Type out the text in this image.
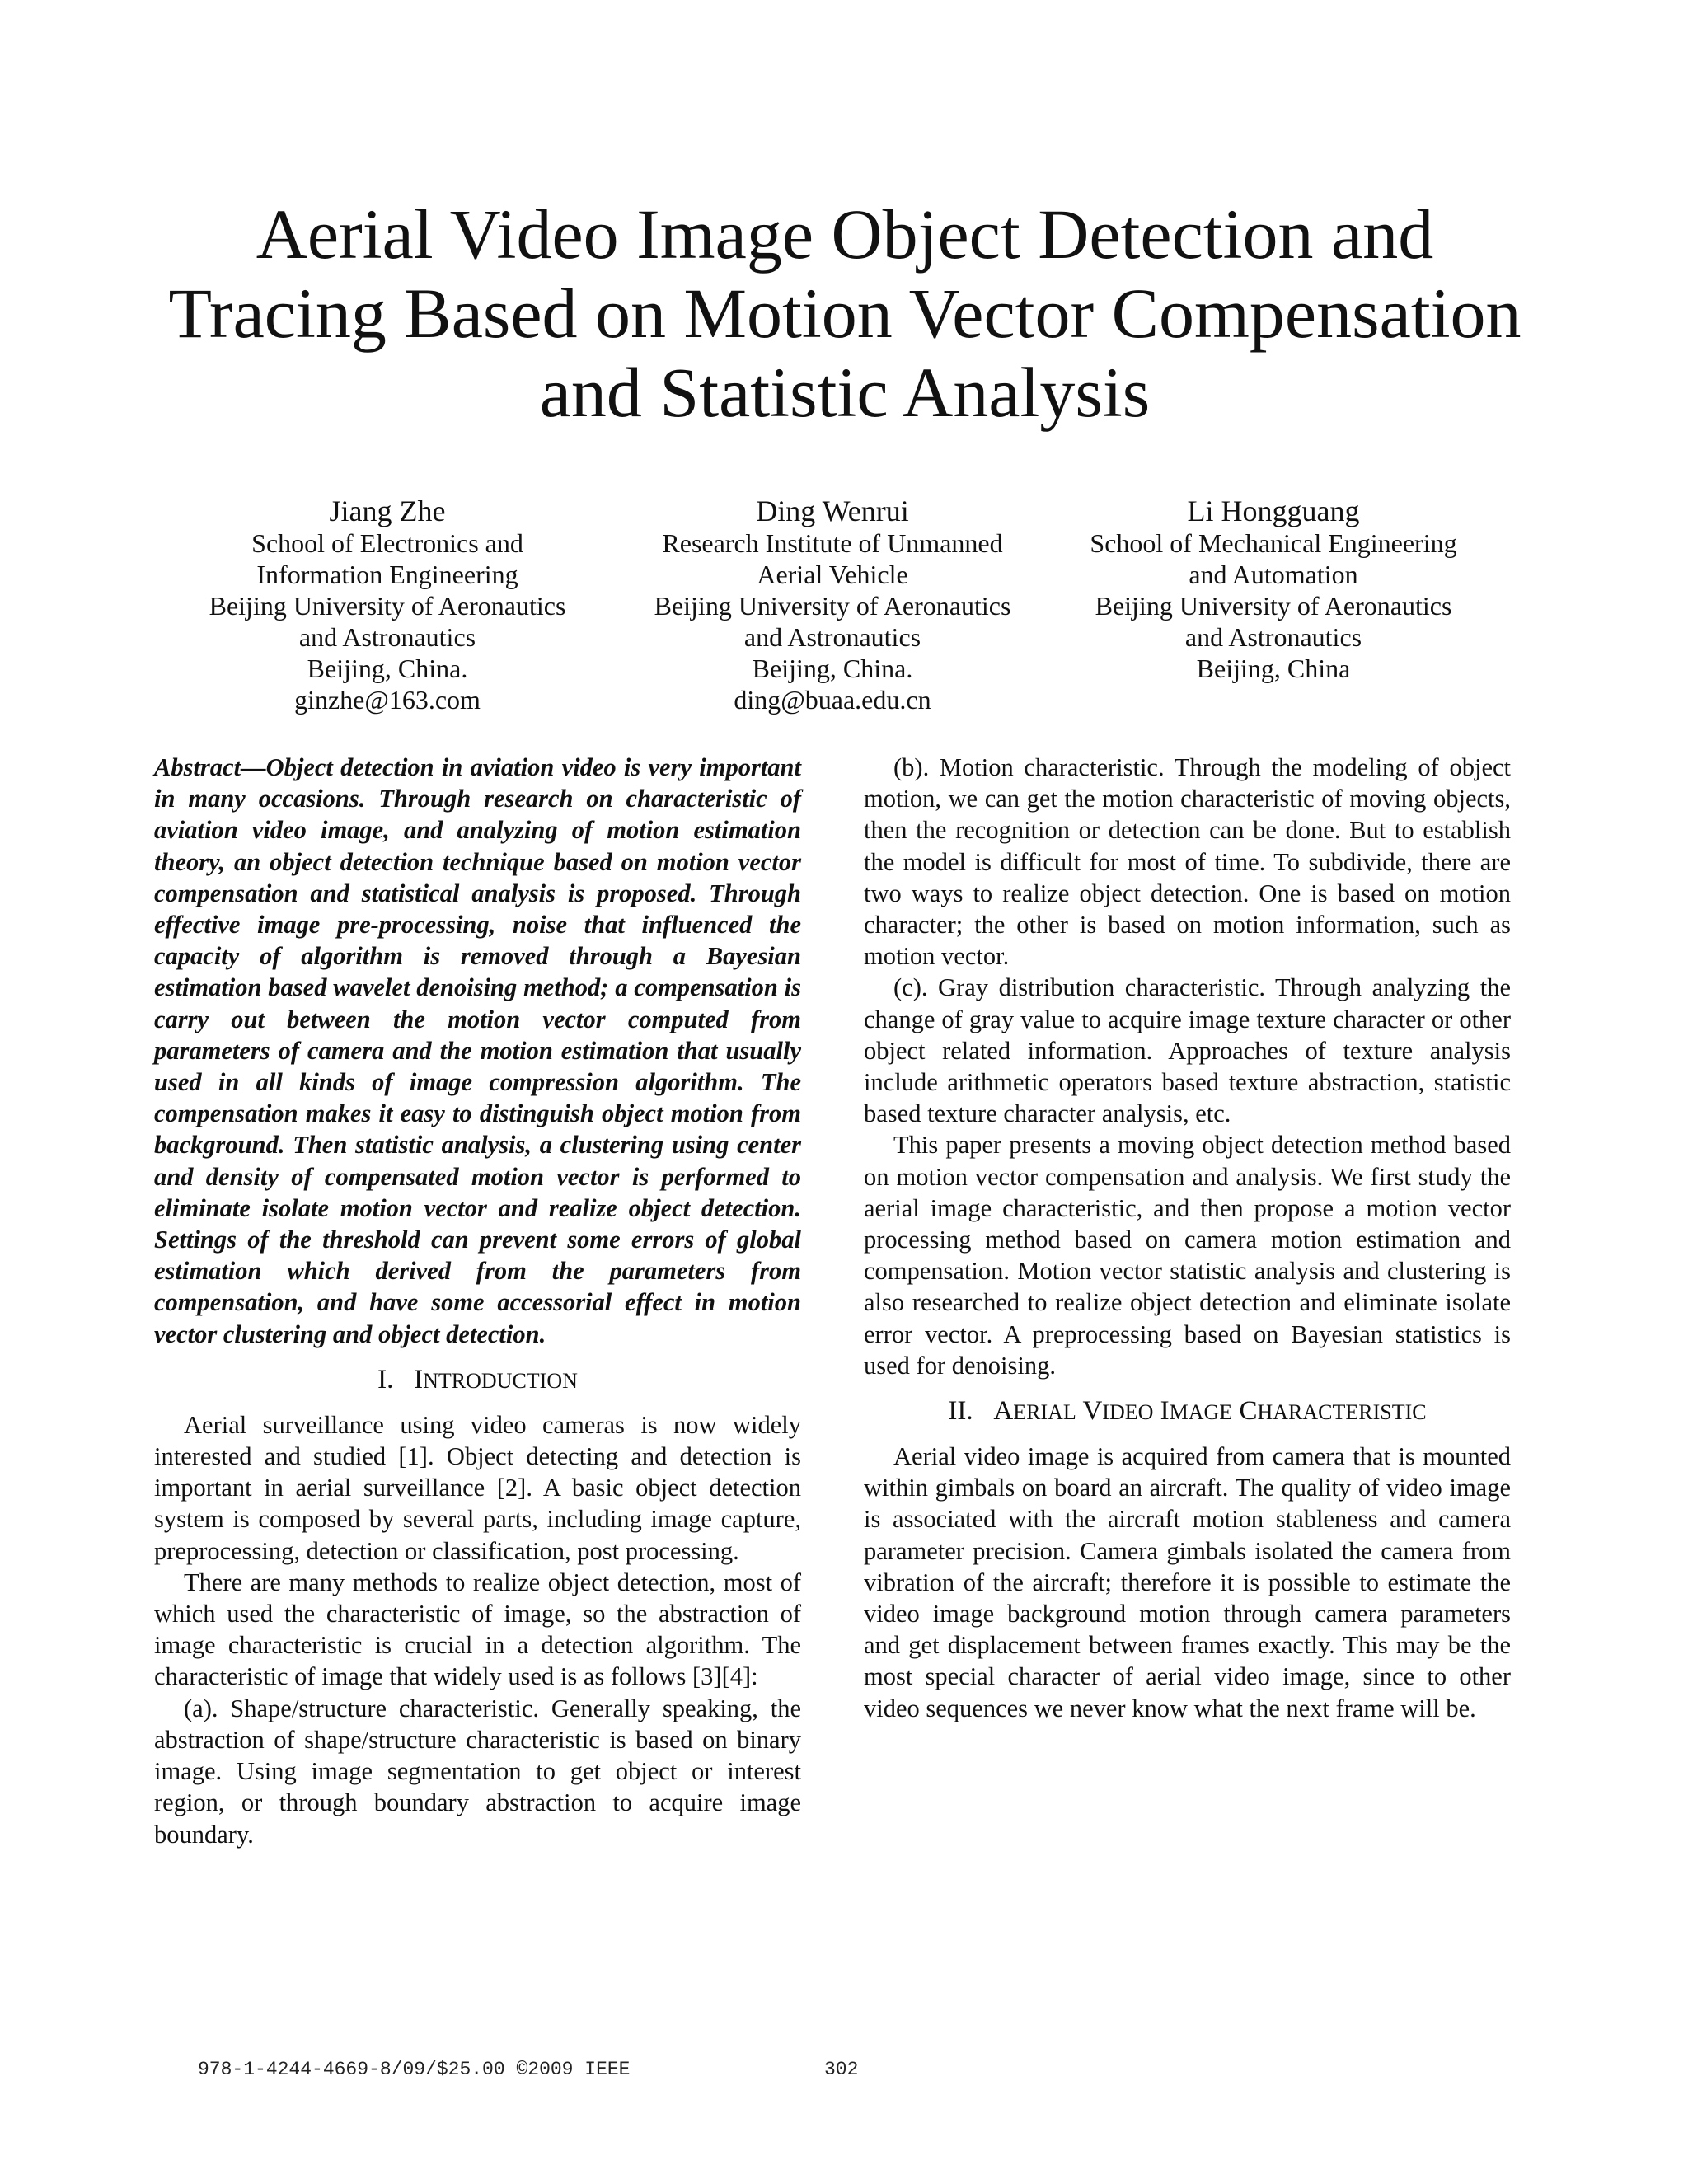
Aerial Video Image Object Detection and
Tracing Based on Motion Vector Compensation
and Statistic Analysis
Jiang Zhe
School of Electronics and
Information Engineering
Beijing University of Aeronautics
and Astronautics
Beijing, China.
ginzhe@163.com
Ding Wenrui
Research Institute of Unmanned
Aerial Vehicle
Beijing University of Aeronautics
and Astronautics
Beijing, China.
ding@buaa.edu.cn
Li Hongguang
School of Mechanical Engineering
and Automation
Beijing University of Aeronautics
and Astronautics
Beijing, China

Abstract—Object detection in aviation video is very important in many occasions. Through research on characteristic of aviation video image, and analyzing of motion estimation theory, an object detection technique based on motion vector compensation and statistical analysis is proposed. Through effective image pre-processing, noise that influenced the capacity of algorithm is removed through a Bayesian estimation based wavelet denoising method; a compensation is carry out between the motion vector computed from parameters of camera and the motion estimation that usually used in all kinds of image compression algorithm. The compensation makes it easy to distinguish object motion from background. Then statistic analysis, a clustering using center and density of compensated motion vector is performed to eliminate isolate motion vector and realize object detection. Settings of the threshold can prevent some errors of global estimation which derived from the parameters from compensation, and have some accessorial effect in motion vector clustering and object detection.

I. INTRODUCTION

Aerial surveillance using video cameras is now widely interested and studied [1]. Object detecting and detection is important in aerial surveillance [2]. A basic object detection system is composed by several parts, including image capture, preprocessing, detection or classification, post processing.

There are many methods to realize object detection, most of which used the characteristic of image, so the abstraction of image characteristic is crucial in a detection algorithm. The characteristic of image that widely used is as follows [3][4]:

(a). Shape/structure characteristic. Generally speaking, the abstraction of shape/structure characteristic is based on binary image. Using image segmentation to get object or interest region, or through boundary abstraction to acquire image boundary.

(b). Motion characteristic. Through the modeling of object motion, we can get the motion characteristic of moving objects, then the recognition or detection can be done. But to establish the model is difficult for most of time. To subdivide, there are two ways to realize object detection. One is based on motion character; the other is based on motion information, such as motion vector.

(c). Gray distribution characteristic. Through analyzing the change of gray value to acquire image texture character or other object related information. Approaches of texture analysis include arithmetic operators based texture abstraction, statistic based texture character analysis, etc.

This paper presents a moving object detection method based on motion vector compensation and analysis. We first study the aerial image characteristic, and then propose a motion vector processing method based on camera motion estimation and compensation. Motion vector statistic analysis and clustering is also researched to realize object detection and eliminate isolate error vector. A preprocessing based on Bayesian statistics is used for denoising.

II. AERIAL VIDEO IMAGE CHARACTERISTIC

Aerial video image is acquired from camera that is mounted within gimbals on board an aircraft. The quality of video image is associated with the aircraft motion stableness and camera parameter precision. Camera gimbals isolated the camera from vibration of the aircraft; therefore it is possible to estimate the video image background motion through camera parameters and get displacement between frames exactly. This may be the most special character of aerial video image, since to other video sequences we never know what the next frame will be.

978-1-4244-4669-8/09/$25.00 ©2009 IEEE	302
